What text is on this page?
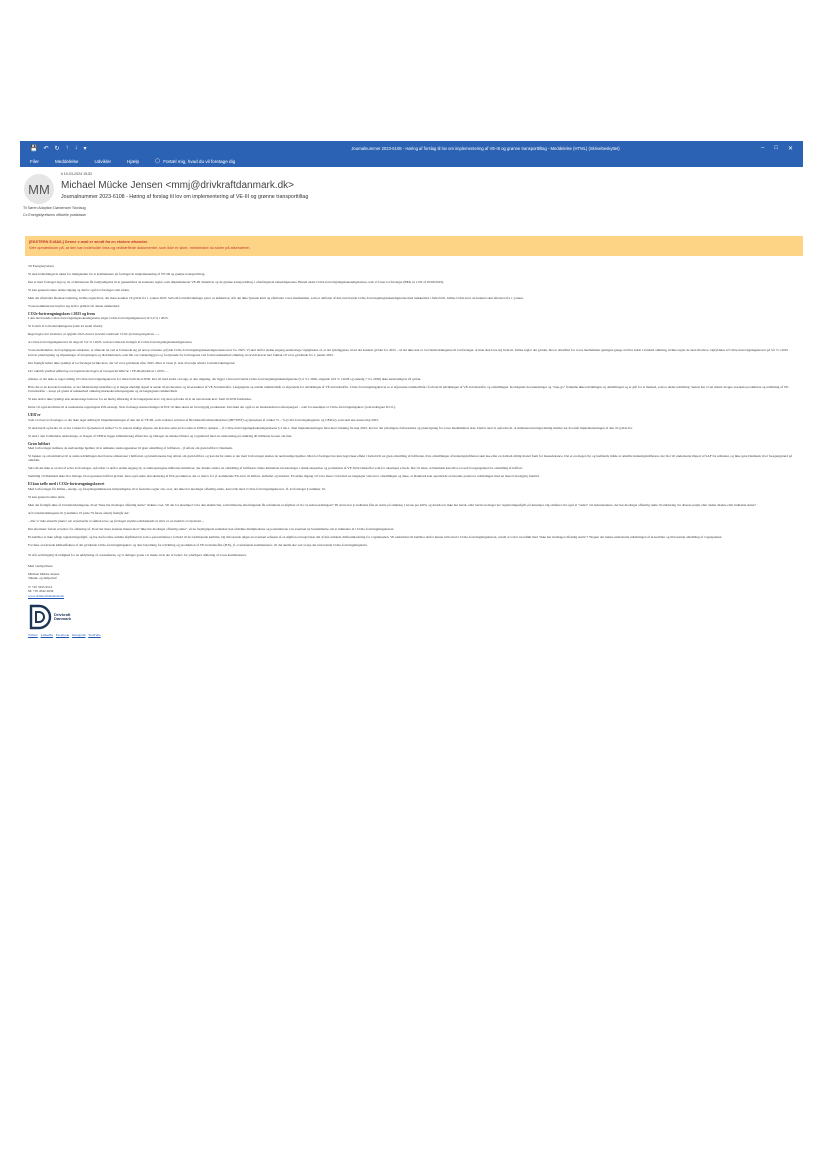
💾 ↶ ↻ ↑ ↓ ▾	Journalnummer 2023-6108 - Høring af forslag til lov om implementering af VE-III og grønne transporttiltag - Meddelelse (HTML) (Skrivebeskyttet)	– □ ✕
Filer	Meddelelse	Udvikler	Hjælp	◯ Fortæl mig, hvad du vil foretage dig
MM
ti 19-03-2024 15:52
Michael Mücke Jensen <mmj@drivkraftdanmark.dk>
Journalnummer 2023-6108 - Høring af forslag til lov om implementering af VE-III og grønne transporttiltag
Til Søren Adoption Dørdensen Storlaug
Cc Energistyrelsens officielle postkasse
[EKSTERN E-MAIL] Denne e-mail er sendt fra en ekstern afsender.
Vær opmærksom på, at den kan indeholde links og vedhæftede dokumenter, som ikke er sikre, medmindre du stoler på afsenderen.

Til Energistyrelsen

Vi skal indledningsvis takke for muligheden for at kommentere på forslaget til implementering af VE-III og grønne transporttiltag.

Det er med forslaget lagt op til, at ministeren får bemyndigelse til at gennemføre de konkrete regler, som implementerer VE-III direktivet og de grønne transporttiltag, i efterfølgende bekendtgørelser. Blandt andet CO2e-fortrængningsbekendtgørelsen, som vi læser lovforslaget (BEK nr 1150 af 05/09/2023).

Vi kan generelt støtte denne tilgang og derfor også lovforslaget som sådan.

Men det efterlader åbenbart usikring, hvilke regler/krav, der mere konkret vil gælde fra 1. januar 2025. Selvom lovbemærkninger giver os indikation, står det ikke lysende klart og efterlader vores medlemmer, som er omfattet af den nuværende CO2e-fortrængningsbekendtgørelse med usikkerhed i forhold til, hvilke CO2e-krav de konkret skal efterleve fra 1. januar.

Vores kommentarer knytter sig derfor primært til denne usikkerhed.

CO2e-fortrængningskrav i 2025 og frem

I den nuværende CO2e-fortrængningsbekendtgørelse stiger CO2e-fortrængningskravet til 5,0 % i 2025.

Vi forstår af lovbemærkningerne (side 43 andet afsnit):

Regeringen har besluttet, at opfylde 2025-kravet med det nationale CO2e-fortrængningskrav ......

at CO2e-fortrængningskravet vil stige til 5,0 % i 2025, som det allerede fremgår af CO2e-fortrængningsbekendtgørelsen.

Vores medlemmer, de forpligtigede selskaber, er allerede nu ved at forberede sig på netop at kunne opfylde CO2e-fortrængningsbekendtgørelsens krav for 2025. Vi skal derfor endnu engang understrege vigtigheden af, at det tydeliggøres, hvad der konkret gælder for 2025 – så det ikke kan er i lovbemærkningerne til lovforslaget, at man skal læse sig frem til, hvilke regler der gælder. Det er ubeldfart for vores medlemmer gentagne gange at blive holdt i uvished omkring, hvilke regler de skal efterleve. Opfyldelse af CO2e-fortrængningskravet på 5,0 % i 2025 kræver planlægning og tilpasninger af forsyningen og distributionen, som blir ere vanskeliggjort og fordyrende for forbrugerne ved fortsat usikkerhed omkring, hvorvidt kravet nu/t faktisk vil være gældende fra 1. januar 2025.

Det fremgår heller ikke tydeligt af lovforslaget hvilke krav, der vil være gældende efter 2025. Men vi læser jf. side 43 tredje afsnit i lovbemærkningerne:

Der udestår politisk afklaring om implementeringen af transportartiklerne i VE-III-direktivet i 2030......

således, at der ikke er taget stilling til CO2e-fortrængningskravet for tiden frem mod 2030. Det vil med andre ord sige, at den ringning, der ligger i den nuværende CO2e-fortrængningsbekendtgørelse (5,2 % i 2026, stigende til 6 % i 2028 og endelig 7 % i 2030) ikke nødvendigvis vil gælde.

Hvis det er en korrekt forståelse, er det fuldstændigt ubeldfart og et meget uheldigt signal at sende til producenter og leverandører af VE-brændstoffer. Langsigtede og stabile rammevilkår er afgørende for udviklingen af VE-brændstoffer. CO2e-fortrængningskravet er et afgørende rammevilkår i forhold til udviklingen af VE-brændstoffer og omstillingen. Kortsigtede hovsaløsninger og "stop-go" frameme ikke udviklingen og omstillingen og er gift for et marked, som er under udvikling. Senest har vi set tilsted droppe storskala produktion og udvikling af VE-brændstoffer – netop på grund af usikkerhed omkring markedet/efterspørgslen og de langsigtede rammevilkår.

Vi kan derfor ikke tydeligt nok understrege behovet for en hurtig afklaring af de langsigtede krav. Og skal opfordre til at de nuværende krav frem til 2030 fastholdes.

Dette vil også medvirke til at understøtte regeringens PtX-strategi. Nok så mange støtteordninger til PtX vil ikke skabe en bæredygtig produktion, hvis ikke der også er en markedsdrevet efterspørgsel – som for eksempel et CO2e-fortrængningskrav (som indregner ILUC).

UER'er

Som vi læser lovforslaget, er der ikke taget stilling til implementeringen af den del af VE-III, som vedrører revision af Brændstofkvalitetsdirektivet (98/70/EF) og fjernelsen af artikel 7a – 7e (CO2-fortrængningskrav og UER'er), som skal ske senest maj 2025.

Vi skal hertil opfordre til, at der i stedet for fjernelsen af artikel 7a-7e snarest muligt afgøres om kravene samt på hvordan at UER'er ophører – jf. CO2e-fortrængningsbekendtgørelsens § 3 stk.1. Skal implementeringen først med virkning fra maj 2025, kræver det ydrelligere forberedelse og planlægning fra vores medlemmers side. Derfor skal vi opfordre til, at ministeren hurtigst muligt melder ud, hvornår implementeringen af den vil gælde fra.

Vi skal i den forbindelse understrege, at brugen af UER'er ligger klimamæssig effekt har og bidrager de danske bilister og vognmænd med en omkostning på omkring 40 millioner kroner om året.

Grøn luftfart

Med lovforslaget indføres de nødvendige hjemler til at udmønte støtteopgørelser til grøn omstilling af luftfarten – jf Aftale om grøn luftfart i Danmark.

Vi bakker op om initiativet til at støtte udviklingen med lavere emissioner i luftfarten og intentionerne bag Aftale om grøn luftfart, og kan derfor støtte at der med lovforslaget skabes de nødvendige hjemler. Men lovforslaget har kun begrænset effekt i forhold til en grøn omstilling af luftfarten, hvis omstillingen af indenrigsluftfarten skal ske efter en dobbelt-dårlig model frem for masseholance. Det er en meget dyr og ineffektiv måde at omstille indenrigsluftfarten, der blot vil understøtte import af SAF fra udlandet, og ikke gøre Danmark til et foregangsland på området.

Selvom det ikke er en del af selve lovforslaget, opfordrer vi derfor endnu engang til, at støtteopslagene målrettes initiativer, der direkte støtter en omstilling af luftfarten. Dette inkluderer investeringer i dansk ekspertise og produktion af VE-flybrændstoffer som for eksempel e-fuels. Det vil sikre, at Danmark kan blive et reelt foregangsland for omstilling af luftfart.

Samtidig vil Danmark ikke blot bidrage til en grønnere luftfart globalt, men også støtte den skalering af PtX-produktion, der er behov for jf. kommende EU-krav til luftfart, skibsfart og industri. En sådan tilgang vil være mere i tråd med en langsigtet vision for omstillingen og sikre, at Danmark kan opretholde en førende position i udviklingen med en mere bæredygtig fremtid.

El kan tælle med i CO2e-fortrængningskravet

Med lovforslaget får Klima-, energi- og forsyningsministeren bemyndigelse til at fastsætte regler om, at el, der ikke har modtaget offentlig støtte, kan tælle med i CO2e-fortrængningskravet. Jf. lovforslaget § nummer 10.

Vi kan generelt støtte dette.

Men det fremgår ikke af lovbemærkningerne, hvad "ikke har modtaget offentlig støtte" dækker over. Vil det for eksempel være den elektricitet, som bilisterne efterfølgende får refunderet el-afgiften af via 'el-reduceordningen'? Til sterre har jo indirekte fået en støtte på omkring 1 krone per kWh, og derudover ikke har betalt, eller betalt en meget lav registreringsafgift, på køretøjet. Og omfatter det også al "andet" via ladestanderne, der har modtaget offentlig støtte til etablering via diverse puljer eller anden direkte eller indirekte støtte?

Af lovbemærkningerne til § nummer 10 (side 79 første afsnit) fremgår det:

...Der er ikke aktuelle planer om at fastsætte et sådant krav, og forslaget skyldes udelukkende at sikre en at etablere en hjemmel....

Det efterlader fortsat et behov for afklaring af, hvad der mere konkret menes med "ikke har modtaget offentlig støtte", så de forpligtigede selskaber kan afdække mulighederne og potentialerne i en eventuel ny bestemmelse om at inkludere el i CO2e-fortrængningskravet.

El-kørbiler er ikke pålagt registreringsafgift, og har derfor ikke samme afgiftsbelæst som e-personbilerne i forhold til de traditionelle kørbiler. Og tilsvarende udgør en eventuel refusion af el-afgiften en begrænset del af den samlede driftsomkostning for vognmanden. Vil elektricitet til kørbiler derfor kunne tælle med i CO2e-fortrængningskravet, selom at været i konflikt med "ikke har modtaget offentlig støtte"? Nogent der kunne understøtte udrulningen af el-kørbiler og tilsvarende omstilling af vognsparken.

For ikke at udvande klimaeffekten af det gældende CO2e-fortrængningskrav og dets betydning for udvikling og produktion af VE-brændstoffer (PtX), jf. ovenstående kommentarer, vil det skulle ske ved at øge det nuværende CO2e-fortrængningskrav.

Vi står selvfølgelig til rådighed for en uddybning af ovenstående, og vi deltager gerne i et møde, hvis der er behov for yderligere afklaring af vores kommentarer.

Med venlig hilsen
Michael Mücke Jensen
Teknik- og miljøchef
T: +45 3345 6514
M: +45 2042 2636
www.drivkraftdanmark.dk
Drivkraft
Danmark
Twitter LinkedIn Facebook Instagram YouTube
